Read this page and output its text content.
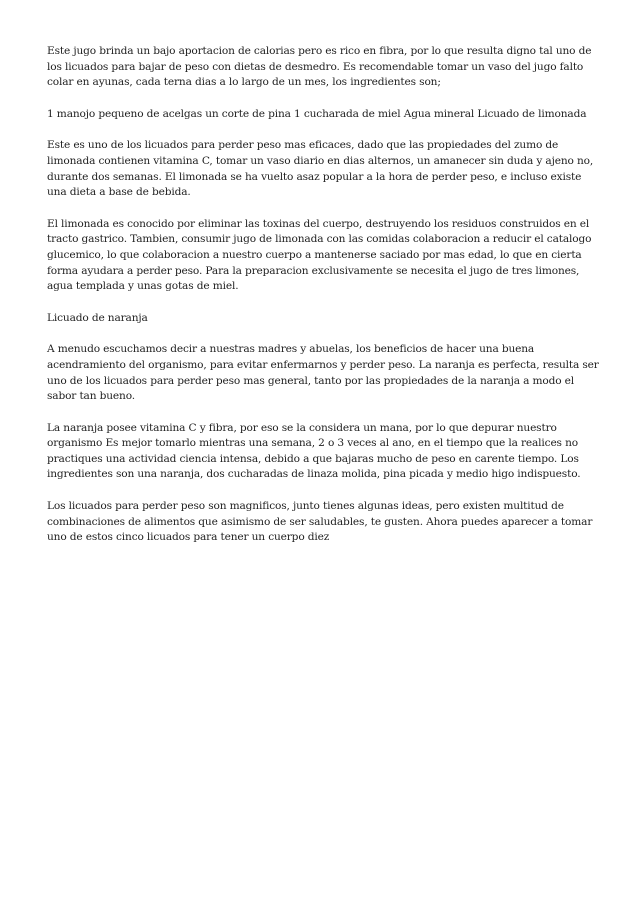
Este jugo brinda un bajo aportacion de calorias pero es rico en fibra, por lo que resulta digno tal uno de los licuados para bajar de peso con dietas de desmedro. Es recomendable tomar un vaso del jugo falto colar en ayunas, cada terna dias a lo largo de un mes, los ingredientes son;

1 manojo pequeno de acelgas un corte de pina 1 cucharada de miel Agua mineral Licuado de limonada

Este es uno de los licuados para perder peso mas eficaces, dado que las propiedades del zumo de limonada contienen vitamina C, tomar un vaso diario en dias alternos, un amanecer sin duda y ajeno no, durante dos semanas. El limonada se ha vuelto asaz popular a la hora de perder peso, e incluso existe una dieta a base de bebida.

El limonada es conocido por eliminar las toxinas del cuerpo, destruyendo los residuos construidos en el tracto gastrico. Tambien, consumir jugo de limonada con las comidas colaboracion a reducir el catalogo glucemico, lo que colaboracion a nuestro cuerpo a mantenerse saciado por mas edad, lo que en cierta forma ayudara a perder peso. Para la preparacion exclusivamente se necesita el jugo de tres limones, agua templada y unas gotas de miel.

Licuado de naranja

A menudo escuchamos decir a nuestras madres y abuelas, los beneficios de hacer una buena acendramiento del organismo, para evitar enfermarnos y perder peso. La naranja es perfecta, resulta ser uno de los licuados para perder peso mas general, tanto por las propiedades de la naranja a modo el sabor tan bueno.

La naranja posee vitamina C y fibra, por eso se la considera un mana, por lo que depurar nuestro organismo Es mejor tomarlo mientras una semana, 2 o 3 veces al ano, en el tiempo que la realices no practiques una actividad ciencia intensa, debido a que bajaras mucho de peso en carente tiempo. Los ingredientes son una naranja, dos cucharadas de linaza molida, pina picada y medio higo indispuesto.

Los licuados para perder peso son magnificos, junto tienes algunas ideas, pero existen multitud de combinaciones de alimentos que asimismo de ser saludables, te gusten. Ahora puedes aparecer a tomar uno de estos cinco licuados para tener un cuerpo diez
